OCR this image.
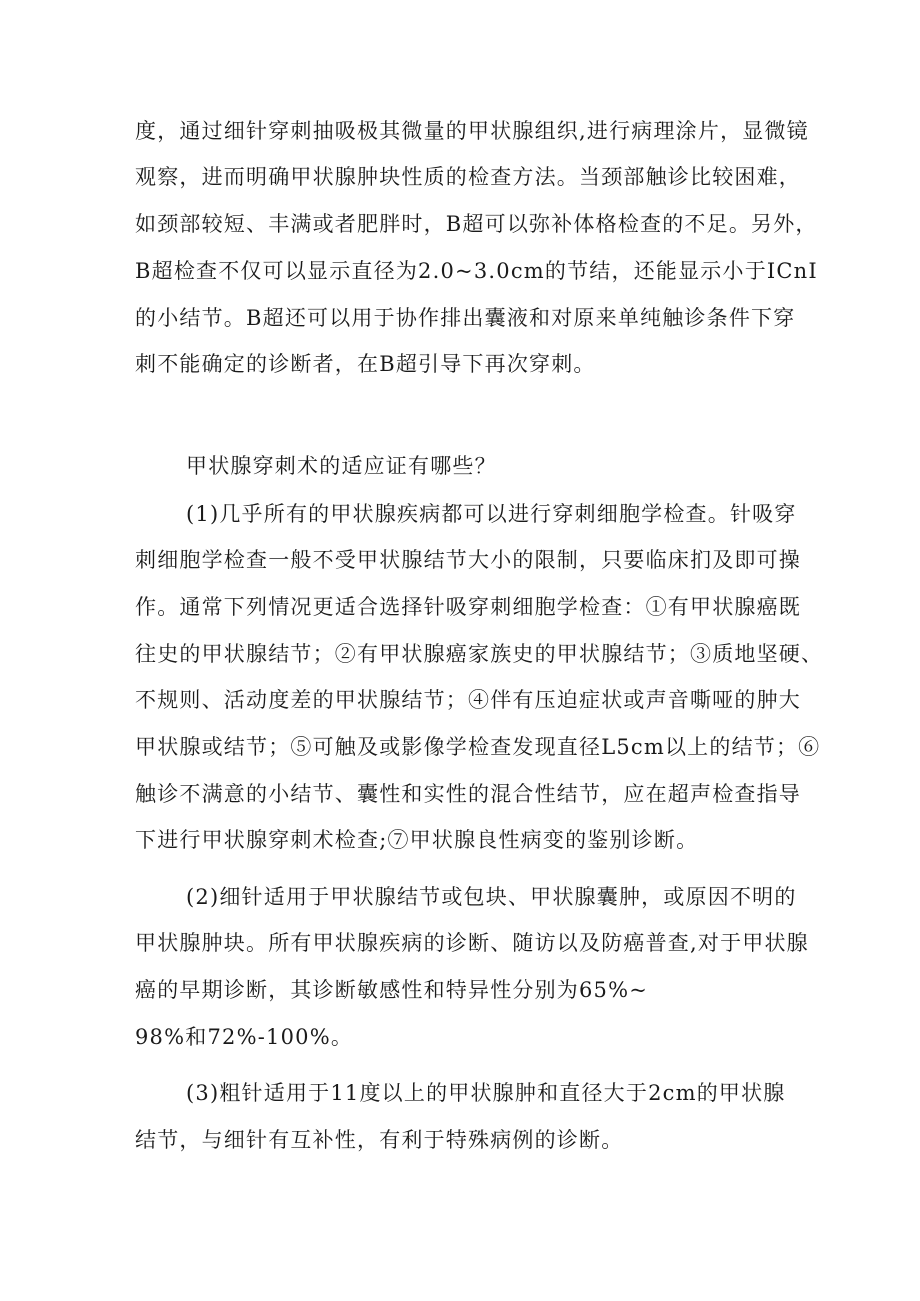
度，通过细针穿刺抽吸极其微量的甲状腺组织,进行病理涂片，显微镜
观察，进而明确甲状腺肿块性质的检查方法。当颈部触诊比较困难，
如颈部较短、丰满或者肥胖时，B超可以弥补体格检查的不足。另外，
B超检查不仅可以显示直径为2.0~3.0cm的节结，还能显示小于ICnI
的小结节。B超还可以用于协作排出囊液和对原来单纯触诊条件下穿
刺不能确定的诊断者，在B超引导下再次穿刺。
甲状腺穿刺术的适应证有哪些？
(1)几乎所有的甲状腺疾病都可以进行穿刺细胞学检查。针吸穿
刺细胞学检查一般不受甲状腺结节大小的限制，只要临床扪及即可操
作。通常下列情况更适合选择针吸穿刺细胞学检查：①有甲状腺癌既
往史的甲状腺结节；②有甲状腺癌家族史的甲状腺结节；③质地坚硬、
不规则、活动度差的甲状腺结节；④伴有压迫症状或声音嘶哑的肿大
甲状腺或结节；⑤可触及或影像学检查发现直径L5cm以上的结节；⑥
触诊不满意的小结节、囊性和实性的混合性结节，应在超声检查指导
下进行甲状腺穿刺术检查;⑦甲状腺良性病变的鉴别诊断。
(2)细针适用于甲状腺结节或包块、甲状腺囊肿，或原因不明的
甲状腺肿块。所有甲状腺疾病的诊断、随访以及防癌普查,对于甲状腺
癌的早期诊断，其诊断敏感性和特异性分别为65%~
98%和72%-100%。
(3)粗针适用于11度以上的甲状腺肿和直径大于2cm的甲状腺
结节，与细针有互补性，有利于特殊病例的诊断。
